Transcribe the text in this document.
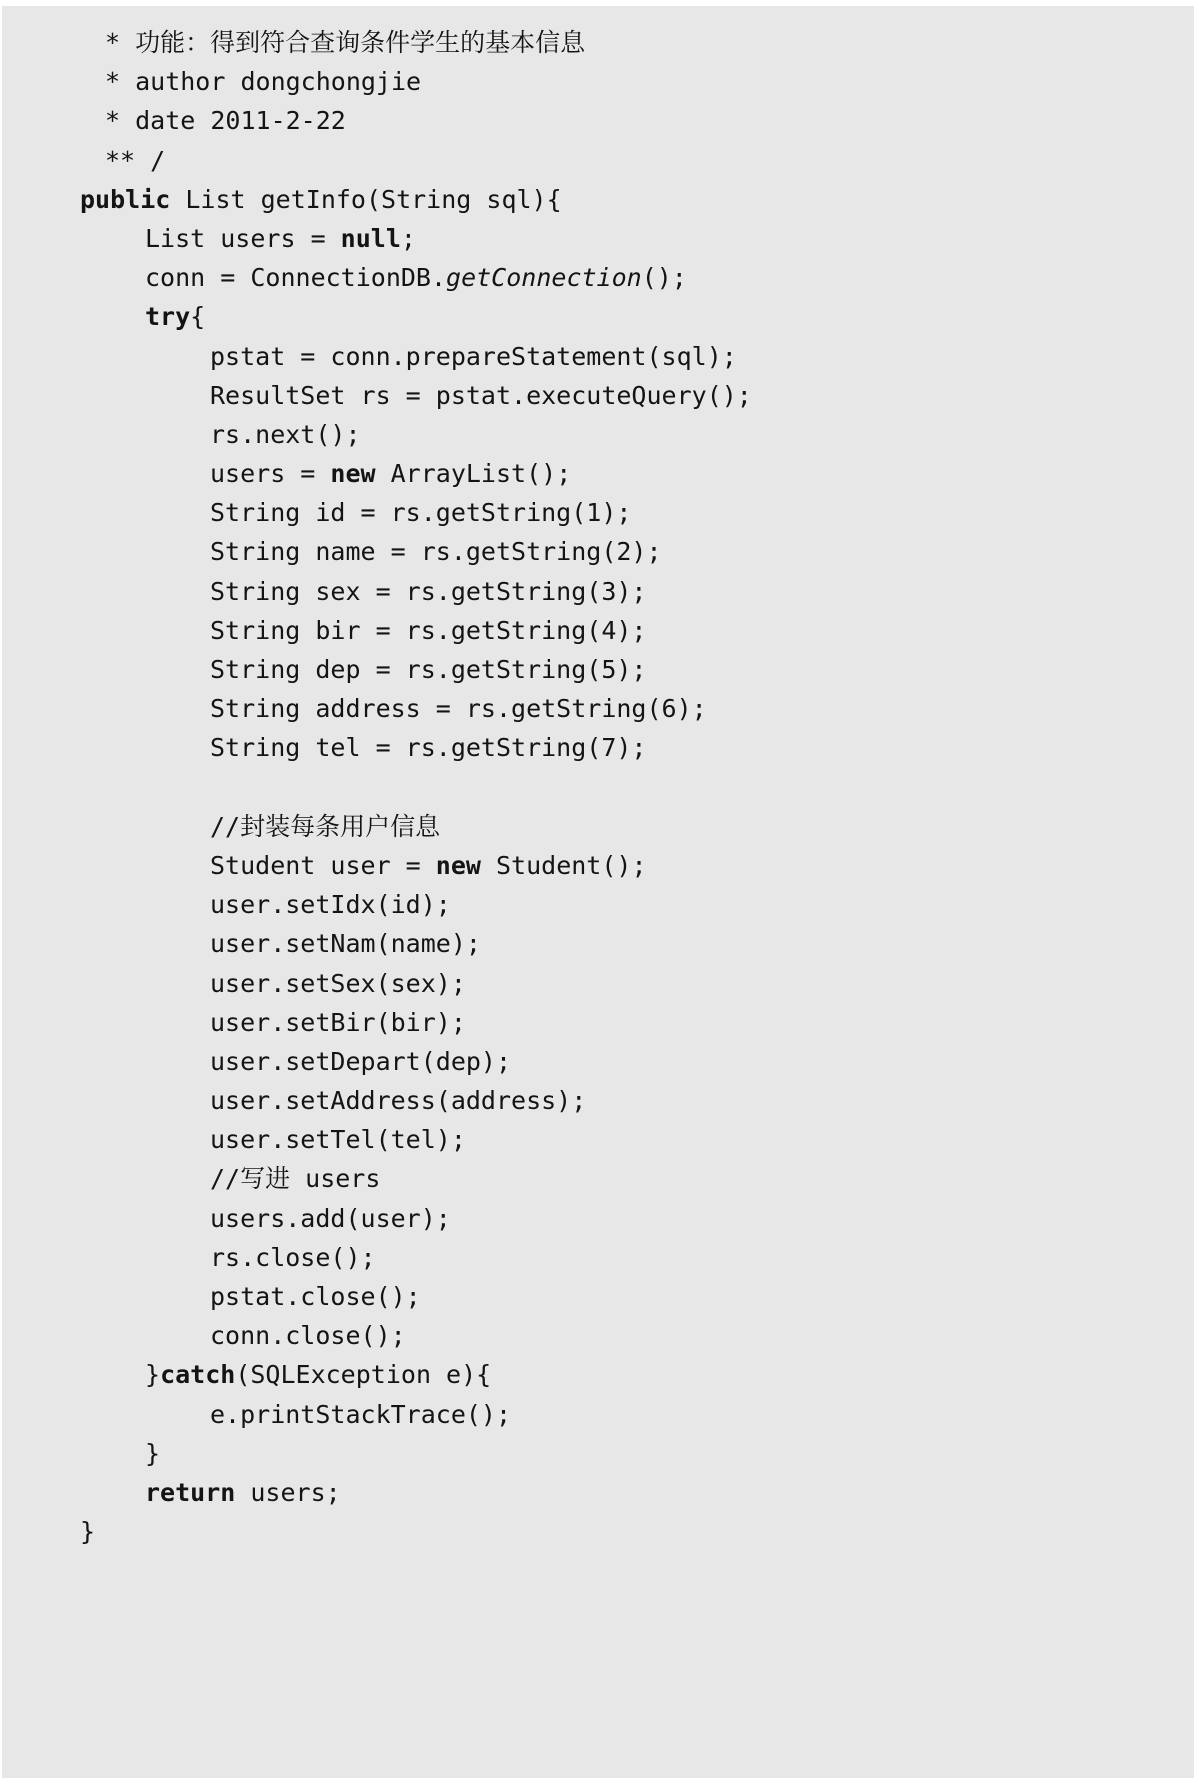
* 功能：得到符合查询条件学生的基本信息
* author dongchongjie
* date 2011-2-22
** /
public List getInfo(String sql){
List users = null;
conn = ConnectionDB.getConnection();
try{
pstat = conn.prepareStatement(sql);
ResultSet rs = pstat.executeQuery();
rs.next();
users = new ArrayList();
String id = rs.getString(1);
String name = rs.getString(2);
String sex = rs.getString(3);
String bir = rs.getString(4);
String dep = rs.getString(5);
String address = rs.getString(6);
String tel = rs.getString(7);
//封装每条用户信息
Student user = new Student();
user.setIdx(id);
user.setNam(name);
user.setSex(sex);
user.setBir(bir);
user.setDepart(dep);
user.setAddress(address);
user.setTel(tel);
//写进 users
users.add(user);
rs.close();
pstat.close();
conn.close();
}catch(SQLException e){
e.printStackTrace();
}
return users;
}
